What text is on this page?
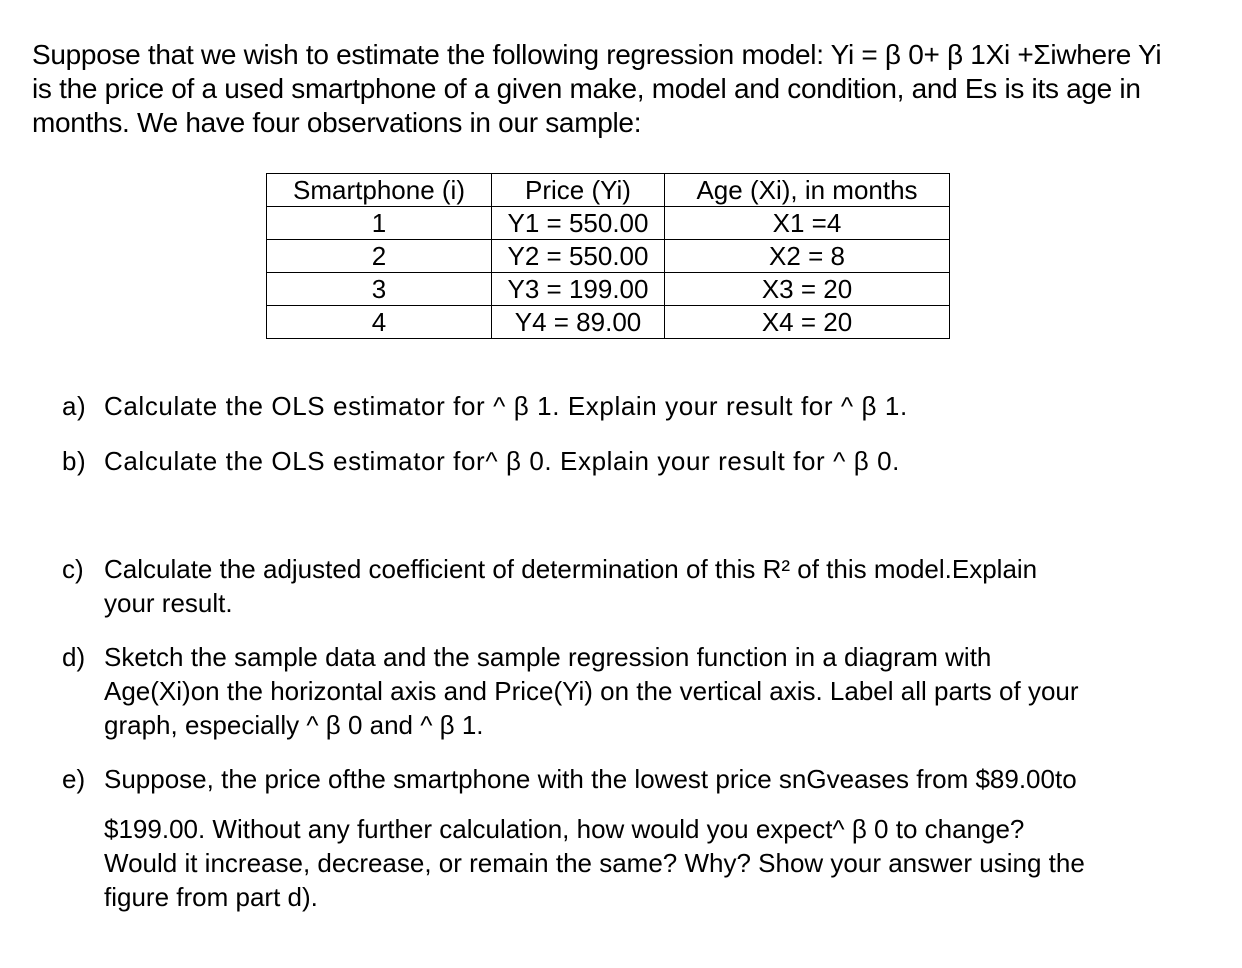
Suppose that we wish to estimate the following regression model: Yi = β 0+ β 1Xi +Σiwhere Yi
is the price of a used smartphone of a given make, model and condition, and Es is its age in
months. We have four observations in our sample:
Smartphone (i)	Price (Yi)	Age (Xi), in months
1	Y1 = 550.00	X1 =4
2	Y2 = 550.00	X2 = 8
3	Y3 = 199.00	X3 = 20
4	Y4 = 89.00	X4 = 20
a) Calculate the OLS estimator for ^ β 1. Explain your result for ^ β 1.
b) Calculate the OLS estimator for^ β 0. Explain your result for ^ β 0.
c) Calculate the adjusted coefficient of determination of this R² of this model.Explain
your result.
d) Sketch the sample data and the sample regression function in a diagram with
Age(Xi)on the horizontal axis and Price(Yi) on the vertical axis. Label all parts of your
graph, especially ^ β 0 and ^ β 1.
e) Suppose, the price ofthe smartphone with the lowest price snGveases from $89.00to
$199.00. Without any further calculation, how would you expect^ β 0 to change?
Would it increase, decrease, or remain the same? Why? Show your answer using the
figure from part d).
